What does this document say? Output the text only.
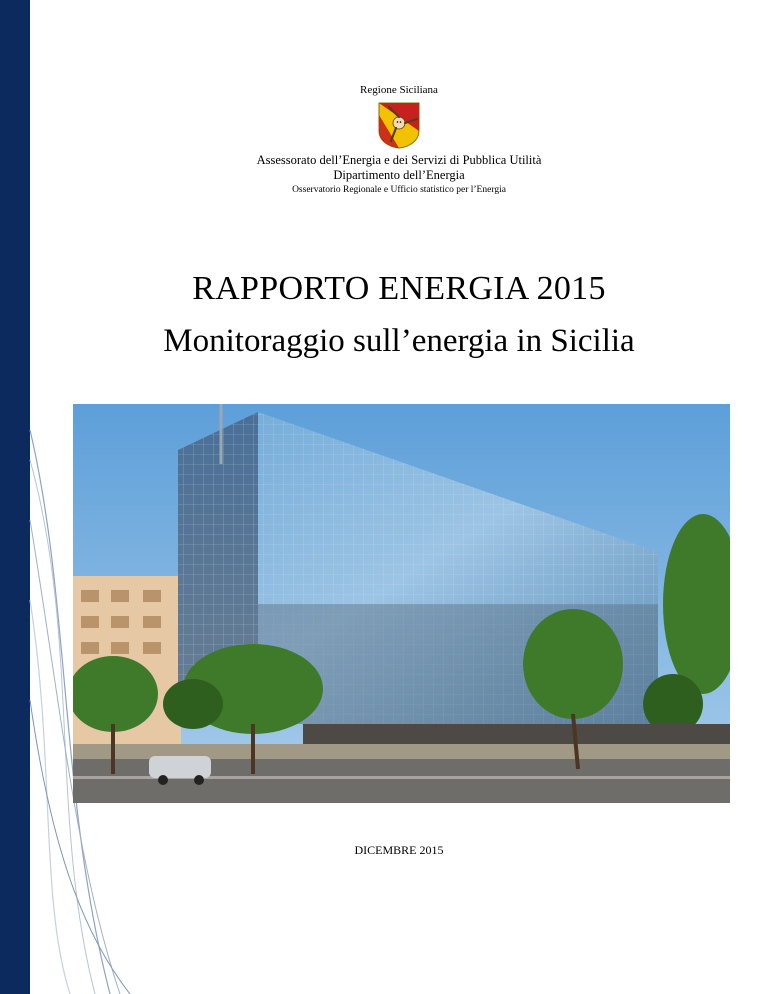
Regione Siciliana

Assessorato dell’Energia e dei Servizi di Pubblica Utilità

Dipartimento dell’Energia

Osservatorio Regionale e Ufficio statistico per l’Energia

RAPPORTO ENERGIA 2015
Monitoraggio sull’energia in Sicilia

DICEMBRE 2015
